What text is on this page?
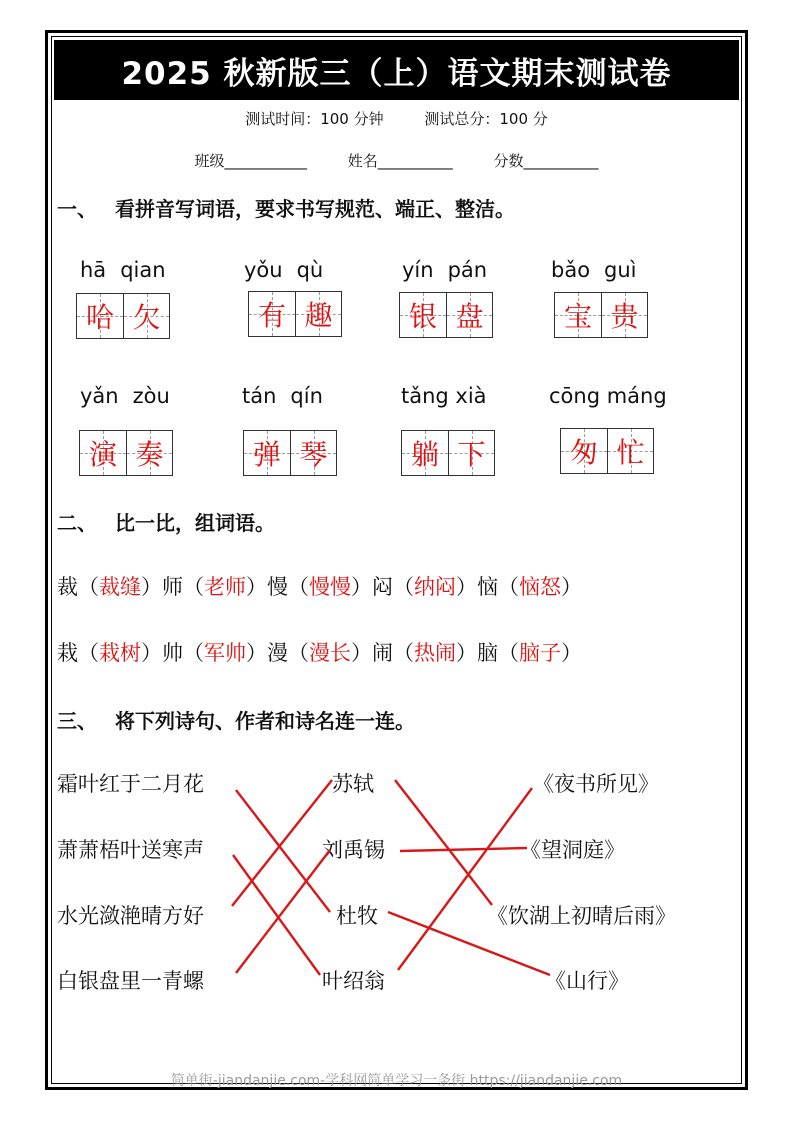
2025 秋新版三（上）语文期末测试卷
测试时间：100 分钟	测试总分：100 分
班级___________	姓名__________	分数__________
一、 看拼音写词语，要求书写规范、端正、整洁。
hā qian
哈 欠
yǒu qù
有 趣
yín pán
银 盘
bǎo guì
宝 贵
yǎn zòu
演 奏
tán qín
弹 琴
tǎng xià
躺 下
cōng máng
匆 忙
二、 比一比，组词语。
裁（裁缝）师（老师）慢（慢慢）闷（纳闷）恼（恼怒）
栽（栽树）帅（军帅）漫（漫长）闹（热闹）脑（脑子）
三、 将下列诗句、作者和诗名连一连。
霜叶红于二月花
萧萧梧叶送寒声
水光潋滟晴方好
白银盘里一青螺
苏轼
刘禹锡
杜牧
叶绍翁
《夜书所见》
《望洞庭》
《饮湖上初晴后雨》
《山行》
简单街-jiandanjie.com-学科网简单学习一条街 https://jiandanjie.com
